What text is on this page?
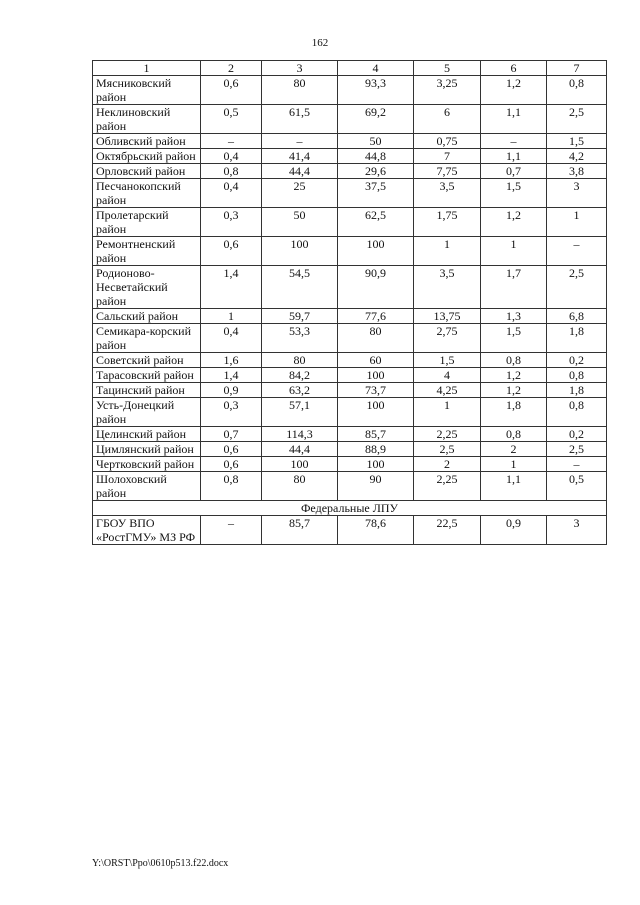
162
1	2	3	4	5	6	7
Мясниковский район	0,6	80	93,3	3,25	1,2	0,8
Неклиновский район	0,5	61,5	69,2	6	1,1	2,5
Обливский район	–	–	50	0,75	–	1,5
Октябрьский район	0,4	41,4	44,8	7	1,1	4,2
Орловский район	0,8	44,4	29,6	7,75	0,7	3,8
Песчанокопский район	0,4	25	37,5	3,5	1,5	3
Пролетарский район	0,3	50	62,5	1,75	1,2	1
Ремонтненский район	0,6	100	100	1	1	–
Родионово-Несветайский район	1,4	54,5	90,9	3,5	1,7	2,5
Сальский район	1	59,7	77,6	13,75	1,3	6,8
Семикара-корский район	0,4	53,3	80	2,75	1,5	1,8
Советский район	1,6	80	60	1,5	0,8	0,2
Тарасовский район	1,4	84,2	100	4	1,2	0,8
Тацинский район	0,9	63,2	73,7	4,25	1,2	1,8
Усть-Донецкий район	0,3	57,1	100	1	1,8	0,8
Целинский район	0,7	114,3	85,7	2,25	0,8	0,2
Цимлянский район	0,6	44,4	88,9	2,5	2	2,5
Чертковский район	0,6	100	100	2	1	–
Шолоховский район	0,8	80	90	2,25	1,1	0,5
Федеральные ЛПУ						
ГБОУ ВПО «РостГМУ» МЗ РФ	–	85,7	78,6	22,5	0,9	3
Y:\ORST\Ppo\0610p513.f22.docx
